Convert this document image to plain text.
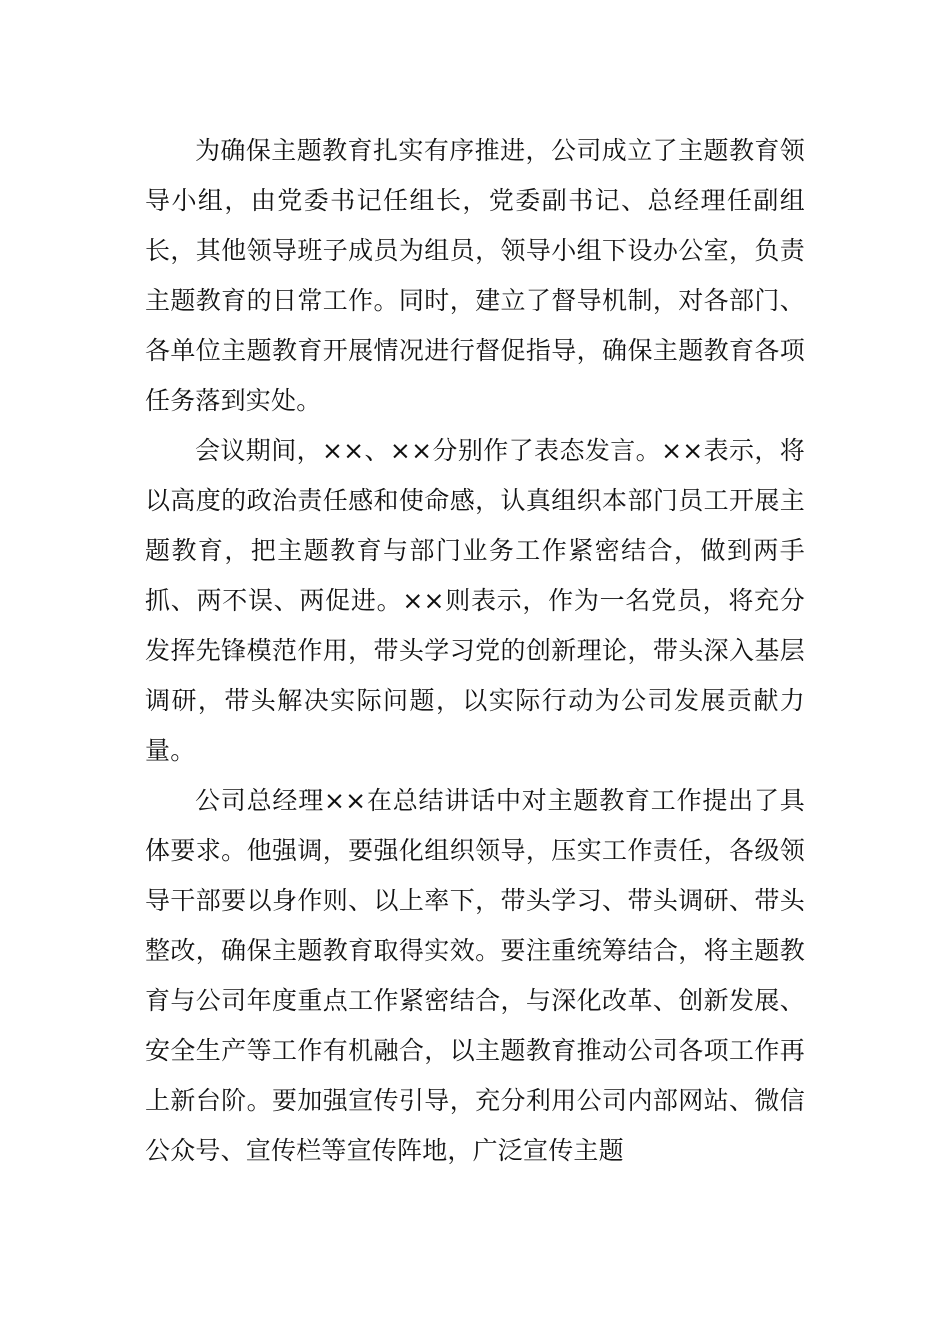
为确保主题教育扎实有序推进，公司成立了主题教育领导小组，由党委书记任组长，党委副书记、总经理任副组长，其他领导班子成员为组员，领导小组下设办公室，负责主题教育的日常工作。同时，建立了督导机制，对各部门、各单位主题教育开展情况进行督促指导，确保主题教育各项任务落到实处。

会议期间，××、××分别作了表态发言。××表示，将以高度的政治责任感和使命感，认真组织本部门员工开展主题教育，把主题教育与部门业务工作紧密结合，做到两手抓、两不误、两促进。××则表示，作为一名党员，将充分发挥先锋模范作用，带头学习党的创新理论，带头深入基层调研，带头解决实际问题，以实际行动为公司发展贡献力量。

公司总经理××在总结讲话中对主题教育工作提出了具体要求。他强调，要强化组织领导，压实工作责任，各级领导干部要以身作则、以上率下，带头学习、带头调研、带头整改，确保主题教育取得实效。要注重统筹结合，将主题教育与公司年度重点工作紧密结合，与深化改革、创新发展、安全生产等工作有机融合，以主题教育推动公司各项工作再上新台阶。要加强宣传引导，充分利用公司内部网站、微信公众号、宣传栏等宣传阵地，广泛宣传主题
